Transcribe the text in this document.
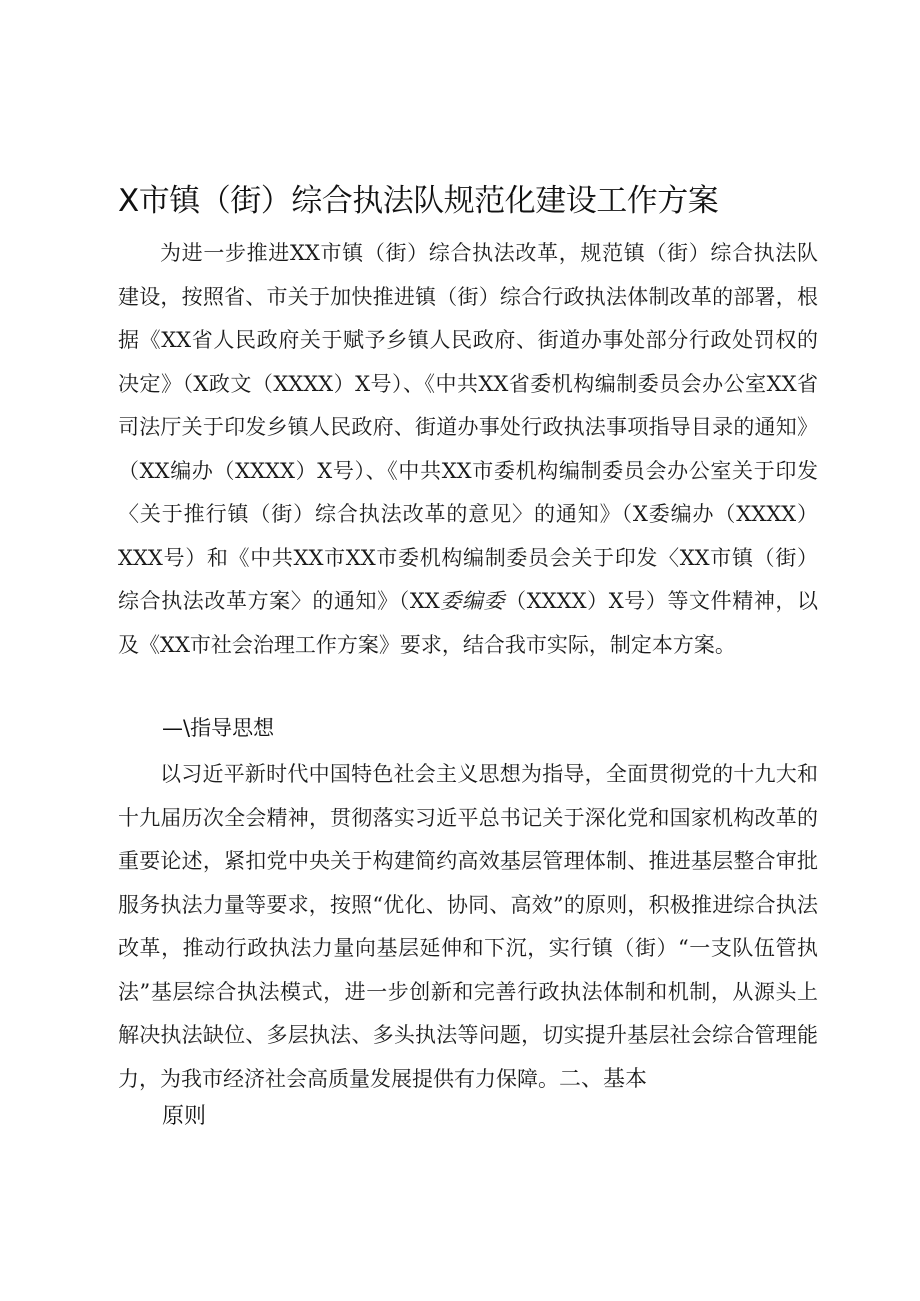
X市镇（街）综合执法队规范化建设工作方案

为进一步推进XX市镇（街）综合执法改革，规范镇（街）综合执法队建设，按照省、市关于加快推进镇（街）综合行政执法体制改革的部署，根据《XX省人民政府关于赋予乡镇人民政府、街道办事处部分行政处罚权的决定》（X政文（XXXX）X号）、《中共XX省委机构编制委员会办公室XX省司法厅关于印发乡镇人民政府、街道办事处行政执法事项指导目录的通知》（XX编办（XXXX）X号）、《中共XX市委机构编制委员会办公室关于印发〈关于推行镇（街）综合执法改革的意见〉的通知》（X委编办（XXXX）XXX号）和《中共XX市XX市委机构编制委员会关于印发〈XX市镇（街）综合执法改革方案〉的通知》（XX委编委（XXXX）X号）等文件精神，以及《XX市社会治理工作方案》要求，结合我市实际，制定本方案。

—\指导思想

以习近平新时代中国特色社会主义思想为指导，全面贯彻党的十九大和十九届历次全会精神，贯彻落实习近平总书记关于深化党和国家机构改革的重要论述，紧扣党中央关于构建简约高效基层管理体制、推进基层整合审批服务执法力量等要求，按照“优化、协同、高效”的原则，积极推进综合执法改革，推动行政执法力量向基层延伸和下沉，实行镇（街）“一支队伍管执法”基层综合执法模式，进一步创新和完善行政执法体制和机制，从源头上解决执法缺位、多层执法、多头执法等问题，切实提升基层社会综合管理能力，为我市经济社会高质量发展提供有力保障。二、基本

原则
